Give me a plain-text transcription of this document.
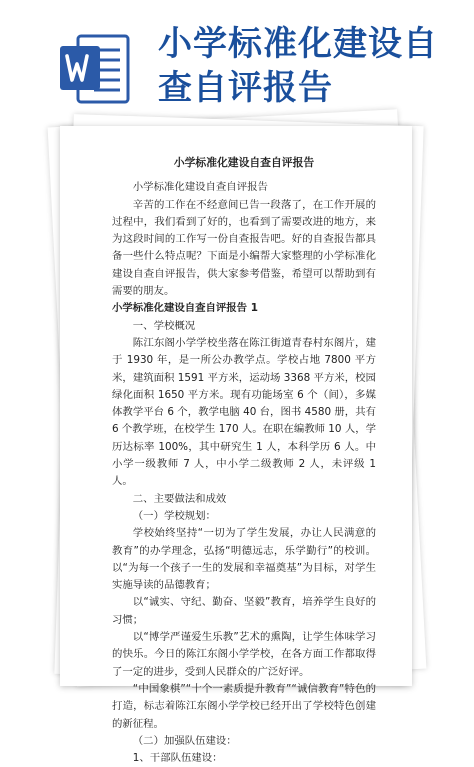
小学标准化建设自查自评报告

小学标准化建设自查自评报告

小学标准化建设自查自评报告

辛苦的工作在不经意间已告一段落了，在工作开展的过程中，我们看到了好的，也看到了需要改进的地方，来为这段时间的工作写一份自查报告吧。好的自查报告都具备一些什么特点呢？下面是小编帮大家整理的小学标准化建设自查自评报告，供大家参考借鉴，希望可以帮助到有需要的朋友。

小学标准化建设自查自评报告 1

一、学校概况

陈江东阁小学学校坐落在陈江街道青春村东阁片，建于 1930 年，是一所公办教学点。学校占地 7800 平方米，建筑面积 1591 平方米，运动场 3368 平方米，校园绿化面积 1650 平方米。现有功能场室 6 个（间），多媒体教学平台 6 个，教学电脑 40 台，图书 4580 册，共有 6 个教学班，在校学生 170 人。在职在编教师 10 人，学历达标率 100%，其中研究生 1 人，本科学历 6 人。中小学一级教师 7 人，中小学二级教师 2 人，未评级 1 人。

二、主要做法和成效

（一）学校规划：

学校始终坚持“一切为了学生发展，办让人民满意的教育”的办学理念，弘扬“明德远志，乐学勤行”的校训。以“为每一个孩子一生的发展和幸福奠基”为目标，对学生实施导读的品德教育；

以“诚实、守纪、勤奋、坚毅”教育，培养学生良好的习惯；

以“博学严谨爱生乐教”艺术的熏陶，让学生体味学习的快乐。今日的陈江东阁小学学校，在各方面工作都取得了一定的进步，受到人民群众的广泛好评。

“中国象棋”“十个一素质提升教育”“诚信教育”特色的打造，标志着陈江东阁小学学校已经开出了学校特色创建的新征程。

（二）加强队伍建设：

1、干部队伍建设：
